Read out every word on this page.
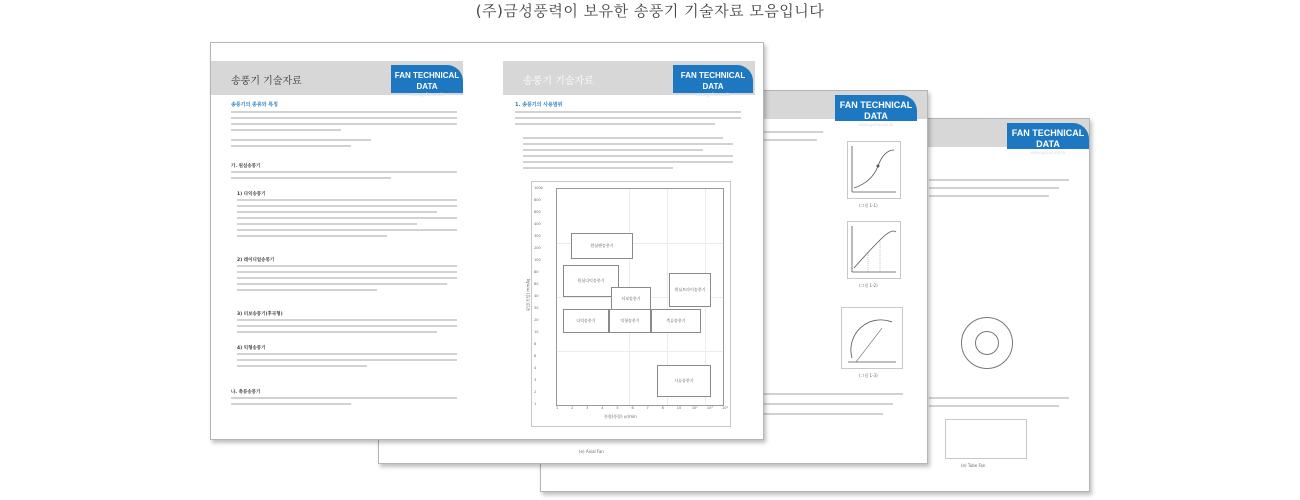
(주)금성풍력이 보유한 송풍기 기술자료 모음입니다
FAN TECHNICAL DATA
www.gsfan.co.kr
(e) Tube Fan
FAN TECHNICAL DATA
www.gsfan.co.kr
(그림 1-1)
(그림 1-2)
(그림 1-3)
(e) Axial Fan
송풍기 기술자료
FAN TECHNICAL DATA
www.gsfan.co.kr
송풍기의 종류와 특징
가. 원심송풍기
1) 다익송풍기
2) 레이디얼송풍기
3) 터보송풍기(후곡형)
4) 익형송풍기
나. 축류송풍기
송풍기 기술자료
FAN TECHNICAL DATA
www.gsfan.co.kr
1. 송풍기의 사용범위
풍압(전압) mmAq
풍량(풍량) ㎥/min
원심팬송풍기
원심다익송풍기
터보송풍기
다익송풍기	익형송풍기	축류송풍기
원심트라이송풍기
사류송풍기
1000
800
600
400
300
200
100
80
60
40
30
20
10
8
6
4
3
2
1
1	2	3	4	5	6	7	8	10	10²	10³	10⁴
